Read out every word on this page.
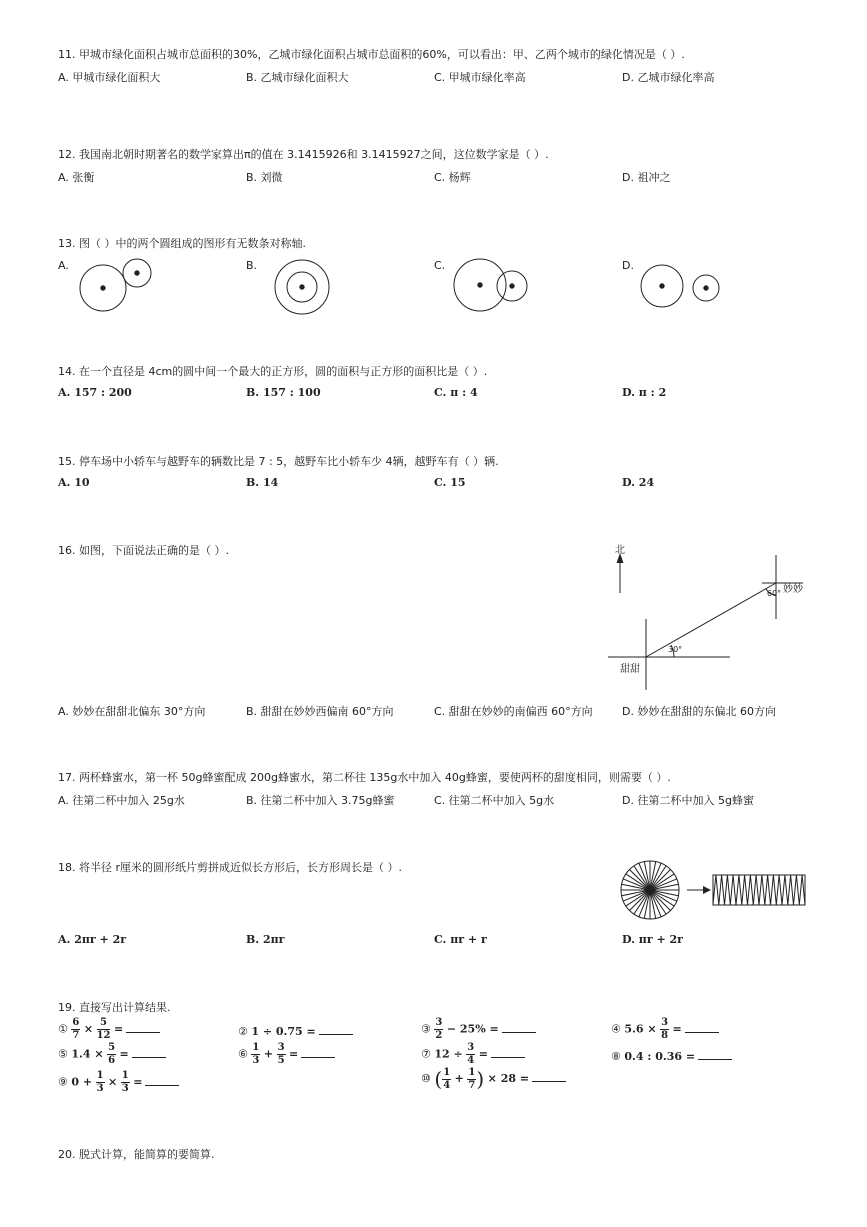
11. 甲城市绿化面积占城市总面积的30%，乙城市绿化面积占城市总面积的60%，可以看出：甲、乙两个城市的绿化情况是（ ）.
A. 甲城市绿化面积大	B. 乙城市绿化面积大	C. 甲城市绿化率高	D. 乙城市绿化率高
12. 我国南北朝时期著名的数学家算出π的值在 3.1415926和 3.1415927之间，这位数学家是（ ）.
A. 张衡	B. 刘微	C. 杨辉	D. 祖冲之
13. 图（ ）中的两个圆组成的图形有无数条对称轴.
A.	B.	C.	D.
14. 在一个直径是 4cm的圆中间一个最大的正方形，圆的面积与正方形的面积比是（ ）.
A. 157 : 200	B. 157 : 100	C. π : 4	D. π : 2
15. 停车场中小轿车与越野车的辆数比是 7 : 5，越野车比小轿车少 4辆，越野车有（ ）辆.
A. 10	B. 14	C. 15	D. 24
16. 如图，下面说法正确的是（ ）.	北
甜甜
妙妙
30°
60°
A. 妙妙在甜甜北偏东 30°方向	B. 甜甜在妙妙西偏南 60°方向	C. 甜甜在妙妙的南偏西 60°方向	D. 妙妙在甜甜的东偏北 60方向
17. 两杯蜂蜜水，第一杯 50g蜂蜜配成 200g蜂蜜水，第二杯往 135g水中加入 40g蜂蜜，要使两杯的甜度相同，则需要（ ）.
A. 往第二杯中加入 25g水	B. 往第二杯中加入 3.75g蜂蜜	C. 往第二杯中加入 5g水	D. 往第二杯中加入 5g蜂蜜
18. 将半径 r厘米的圆形纸片剪拼成近似长方形后，长方形周长是（ ）.
A. 2πr + 2r	B. 2πr	C. πr + r	D. πr + 2r
19. 直接写出计算结果.
① $\frac{6}{7} \times \frac{5}{12}$ =	② 1 ÷ 0.75 =	③ $\frac{3}{2} - 25\%$ =	④ $5.6 \times \frac{3}{8}$ =
⑤ $1.4 \times \frac{5}{6}$ =	⑥ $\frac{1}{3} + \frac{3}{5}$ =	⑦ $12 \div \frac{3}{4}$ =	⑧ 0.4 : 0.36 =
⑨ $0 + \frac{1}{3} \times \frac{1}{3}$ =	⑩ ( $\frac{1}{4} + \frac{1}{7}$ ) × 28 =
20. 脱式计算，能简算的要简算.
